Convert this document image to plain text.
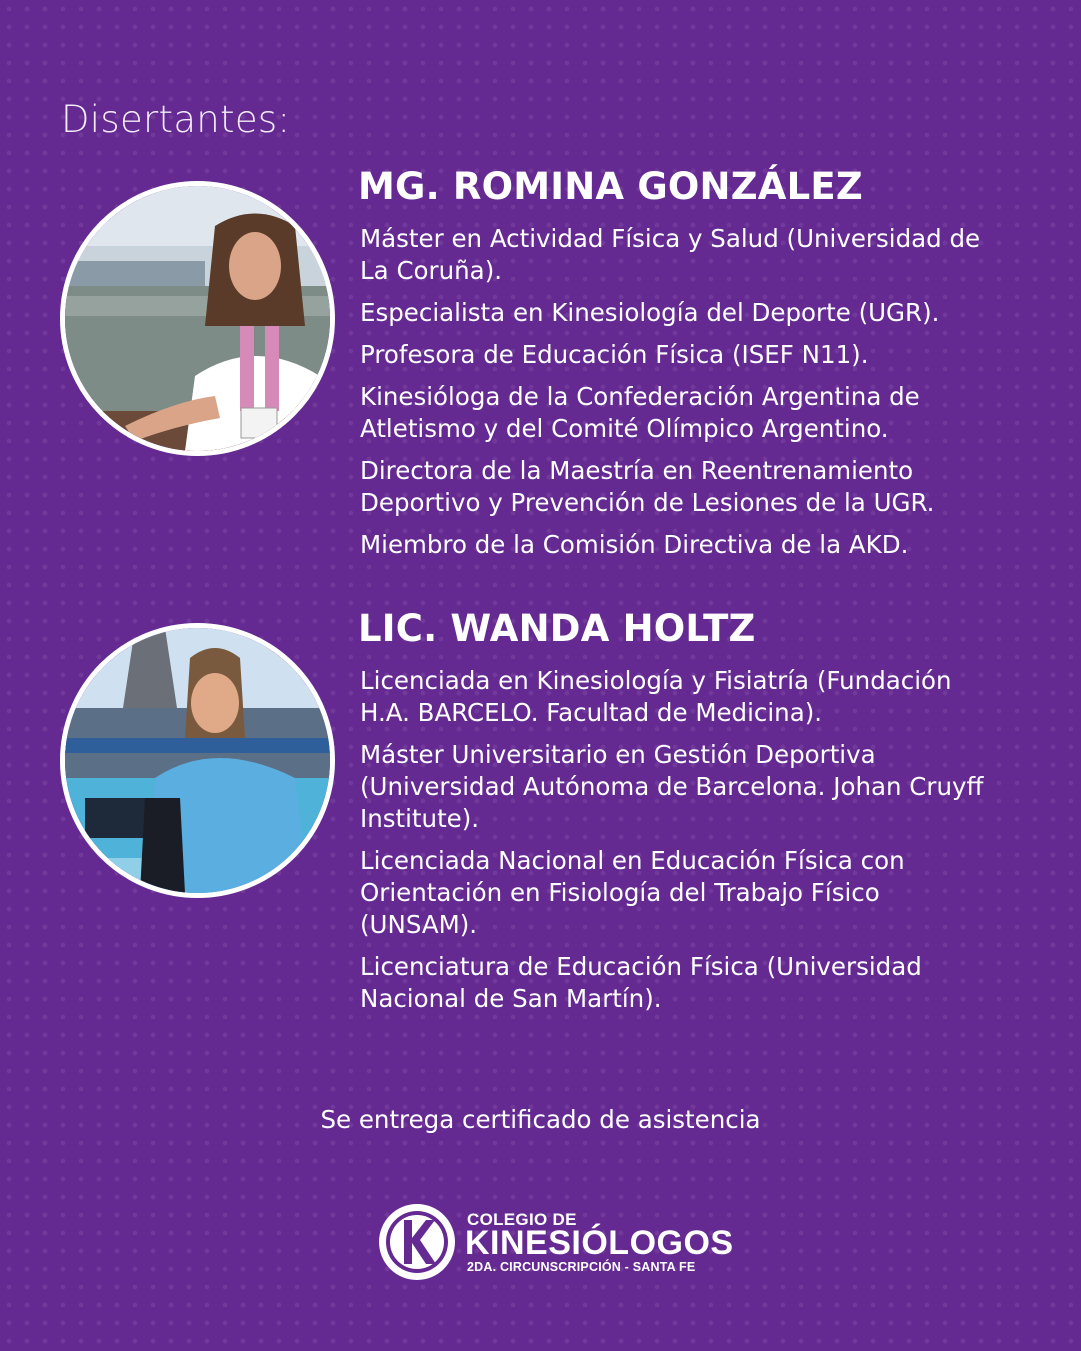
Disertantes:
MG. ROMINA GONZÁLEZ
Máster en Actividad Física y Salud (Universidad de La Coruña).
Especialista en Kinesiología del Deporte (UGR).
Profesora de Educación Física (ISEF N11).
Kinesióloga de la Confederación Argentina de Atletismo y del Comité Olímpico Argentino.
Directora de la Maestría en Reentrenamiento Deportivo y Prevención de Lesiones de la UGR.
Miembro de la Comisión Directiva de la AKD.
LIC. WANDA HOLTZ
Licenciada en Kinesiología y Fisiatría (Fundación H.A. BARCELO. Facultad de Medicina).
Máster Universitario en Gestión Deportiva (Universidad Autónoma de Barcelona. Johan Cruyff Institute).
Licenciada Nacional en Educación Física con Orientación en Fisiología del Trabajo Físico (UNSAM).
Licenciatura de Educación Física (Universidad Nacional de San Martín).
Se entrega certificado de asistencia
COLEGIO DE
KINESIÓLOGOS
2DA. CIRCUNSCRIPCIÓN - SANTA FE
